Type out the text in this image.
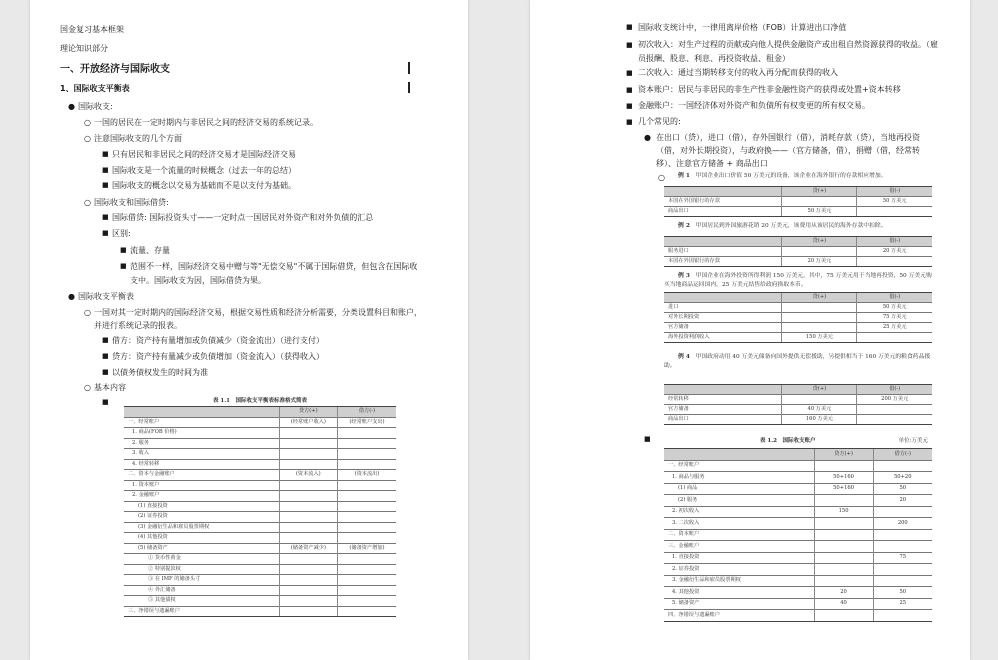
国金复习基本框架
理论知识部分
一、开放经济与国际收支
1、国际收支平衡表
● 国际收支:
○ 一国的居民在一定时期内与非居民之间的经济交易的系统记录。
○ 注意国际收支的几个方面
■ 只有居民和非居民之间的经济交易才是国际经济交易
■ 国际收支是一个流量的时候概念（过去一年的总结）
■ 国际收支的概念以交易为基础而不是以支付为基础。
○ 国际收支和国际借贷:
■ 国际借贷: 国际投资头寸——一定时点一国居民对外资产和对外负债的汇总
■ 区别:
■ 流量、存量
■ 范围不一样，国际经济交易中赠与等"无偿交易"不属于国际借贷，但包含在国际收
支中。国际收支为因，国际借贷为果。
● 国际收支平衡表
○ 一国对其一定时期内的国际经济交易，根据交易性质和经济分析需要，分类设置科目和账户，
并进行系统记录的报表。
■ 借方：资产持有量增加或负债减少（资金流出）（进行支付）
■ 贷方：资产持有量减少或负债增加（资金流入）（获得收入）
■ 以债务债权发生的时间为准
○ 基本内容
■	表 1.1　国际收支平衡表标准格式简表
	贷方(+)	借方(-)
一、经常账户	(经常账户收入)	(经常账户支出)
1. 商品(FOB 价格)		
2. 服务		
3. 收入		
4. 经常转移		
二、资本与金融账户	(资本流入)	(资本流出)
1. 资本账户		
2. 金融账户		
(1) 直接投资		
(2) 证券投资		
(3) 金融衍生品和雇员股票期权		
(4) 其他投资		
(5) 储备资产	(储备资产减少)	(储备资产增加)
① 货币性黄金		
② 特别提款权		
③ 在 IMF 的储备头寸		
④ 外汇储备		
⑤ 其他债权		
三、净错误与遗漏账户		
■ 国际收支统计中，一律用离岸价格（FOB）计算进出口净值
■ 初次收入：对生产过程的贡献或向他人提供金融资产或出租自然资源获得的收益。（雇
员报酬、股息、利息、再投资收益、租金）
■ 二次收入：通过当期转移支付的收入再分配而获得的收入
■ 资本账户：居民与非居民的非生产性非金融性资产的获得或处置+资本转移
■ 金融账户：一国经济体对外资产和负债所有权变更的所有权交易。
■ 几个常见的:
● 在出口（贷），进口（借），存外国银行（借），消耗存款（贷），当地再投资
（借，对外长期投资），与政府换——（官方储备，借），捐赠（借，经常转
移）、注意官方储备 + 商品出口
○	例 1　 甲国企业出口价值 50 万美元的设备，该企业在海外银行的存款相应增加。
	贷(+)	借(-)
本国在外国银行的存款		50 万美元
商品出口	50 万美元	
例 2　 甲国居民到外国旅游花销 20 万美元，该费用从该居民的海外存款中扣除。
	贷(+)	借(-)
服务进口		20 万美元
本国在外国银行的存款	20 万美元	
例 3　 甲国企业在海外投资所得利润 150 万美元，其中，75 万美元用于当地再投资，50 万美元购买当地商品运回国内，25 万美元结售给政府换取本币。
	贷(+)	借(-)
进口		50 万美元
对外长期投资		75 万美元
官方储备		25 万美元
海外投资利润收入	150 万美元	
例 4　 甲国政府动用 40 万美元储备向国外提供无偿援助，另提供相当于 160 万美元的粮食药品援助。
	贷(+)	借(-)
经常转移		200 万美元
官方储备	40 万美元	
商品出口	160 万美元	
■	表 1.2　国际收支账户	单位:万美元
	贷方(+)	借方(-)
一、经常账户		
1. 商品与服务	50+160	50+20
(1) 商品	50+160	50
(2) 服务		20
2. 初次收入	150	
3. 二次收入		200
二、资本账户		
三、金融账户		
1. 直接投资		75
2. 证券投资		
3. 金融衍生品和雇员股票期权		
4. 其他投资	20	50
5. 储备资产	40	25
四、净错误与遗漏账户		
